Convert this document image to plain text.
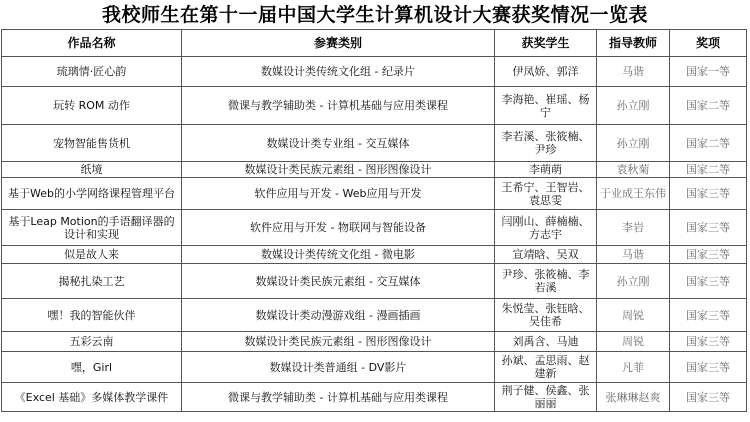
我校师生在第十一届中国大学生计算机设计大赛获奖情况一览表
作品名称	参赛类别	获奖学生	指导教师	奖项
琉璃情·匠心韵	数媒设计类传统文化组 - 纪录片	伊凤娇、郭洋	马谐	国家一等
玩转 ROM 动作	微课与教学辅助类 - 计算机基础与应用类课程	李海艳、崔瑶、杨宁	孙立刚	国家二等
宠物智能售货机	数媒设计类专业组 - 交互媒体	李若溪、张筱楠、尹珍	孙立刚	国家二等
纸境	数媒设计类民族元素组 - 图形图像设计	李萌萌	袁秋菊	国家二等
基于Web的小学网络课程管理平台	软件应用与开发 - Web应用与开发	王希宁、王智岩、袁思雯	于业成王东伟	国家三等
基于Leap Motion的手语翻译器的设计和实现	软件应用与开发 - 物联网与智能设备	闫刚山、薛楠楠、方志宇	李岩	国家三等
似是故人来	数媒设计类传统文化组 - 微电影	宣靖晗、吴双	马谐	国家三等
揭秘扎染工艺	数媒设计类民族元素组 - 交互媒体	尹珍、张筱楠、李若溪	孙立刚	国家三等
嘿！我的智能伙伴	数媒设计类动漫游戏组 - 漫画插画	朱悦莹、张钰晗、吴佳希	周锐	国家三等
五彩云南	数媒设计类民族元素组 - 图形图像设计	刘禹含、马迪	周锐	国家三等
嘿，Girl	数媒设计类普通组 - DV影片	孙斌、孟思雨、赵建新	凡菲	国家三等
《Excel 基础》多媒体教学课件	微课与教学辅助类 - 计算机基础与应用类课程	荆子健、侯鑫、张丽丽	张琳琳赵爽	国家三等
